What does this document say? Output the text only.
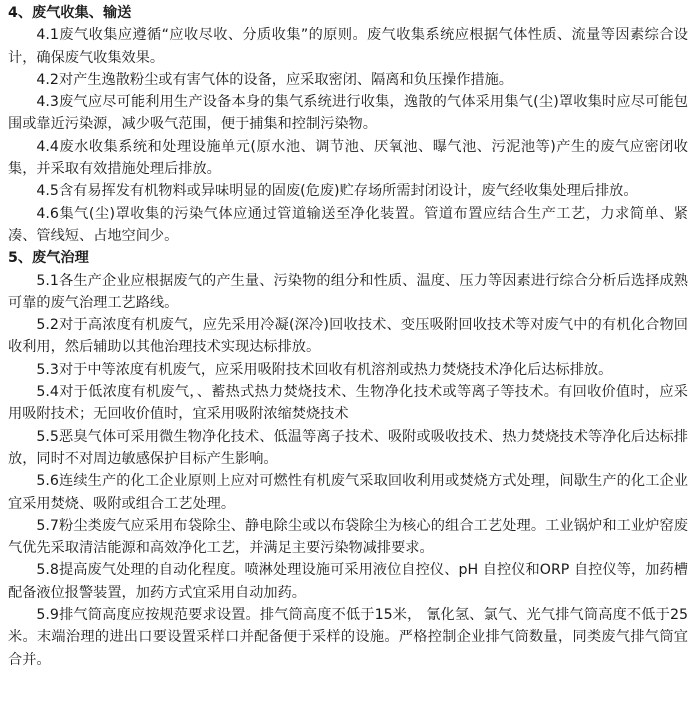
4、废气收集、输送

4.1废气收集应遵循“应收尽收、分质收集”的原则。废气收集系统应根据气体性质、流量等因素综合设计，确保废气收集效果。

4.2对产生逸散粉尘或有害气体的设备，应采取密闭、隔离和负压操作措施。

4.3废气应尽可能利用生产设备本身的集气系统进行收集，逸散的气体采用集气(尘)罩收集时应尽可能包围或靠近污染源，减少吸气范围，便于捕集和控制污染物。

4.4废水收集系统和处理设施单元(原水池、调节池、厌氧池、曝气池、污泥池等)产生的废气应密闭收集，并采取有效措施处理后排放。

4.5含有易挥发有机物料或异味明显的固废(危废)贮存场所需封闭设计，废气经收集处理后排放。

4.6集气(尘)罩收集的污染气体应通过管道输送至净化装置。管道布置应结合生产工艺，力求简单、紧凑、管线短、占地空间少。

5、废气治理

5.1各生产企业应根据废气的产生量、污染物的组分和性质、温度、压力等因素进行综合分析后选择成熟可靠的废气治理工艺路线。

5.2对于高浓度有机废气，应先采用冷凝(深冷)回收技术、变压吸附回收技术等对废气中的有机化合物回收利用，然后辅助以其他治理技术实现达标排放。

5.3对于中等浓度有机废气，应采用吸附技术回收有机溶剂或热力焚烧技术净化后达标排放。

5.4对于低浓度有机废气，、蓄热式热力焚烧技术、生物净化技术或等离子等技术。有回收价值时，应采用吸附技术；无回收价值时，宜采用吸附浓缩焚烧技术

5.5恶臭气体可采用微生物净化技术、低温等离子技术、吸附或吸收技术、热力焚烧技术等净化后达标排放，同时不对周边敏感保护目标产生影响。

5.6连续生产的化工企业原则上应对可燃性有机废气采取回收利用或焚烧方式处理，间歇生产的化工企业宜采用焚烧、吸附或组合工艺处理。

5.7粉尘类废气应采用布袋除尘、静电除尘或以布袋除尘为核心的组合工艺处理。工业锅炉和工业炉窑废气优先采取清洁能源和高效净化工艺，并满足主要污染物减排要求。

5.8提高废气处理的自动化程度。喷淋处理设施可采用液位自控仪、pH 自控仪和ORP 自控仪等，加药槽配备液位报警装置，加药方式宜采用自动加药。

5.9排气筒高度应按规范要求设置。排气筒高度不低于15米， 氰化氢、氯气、光气排气筒高度不低于25米。末端治理的进出口要设置采样口并配备便于采样的设施。严格控制企业排气筒数量，同类废气排气筒宜合并。
